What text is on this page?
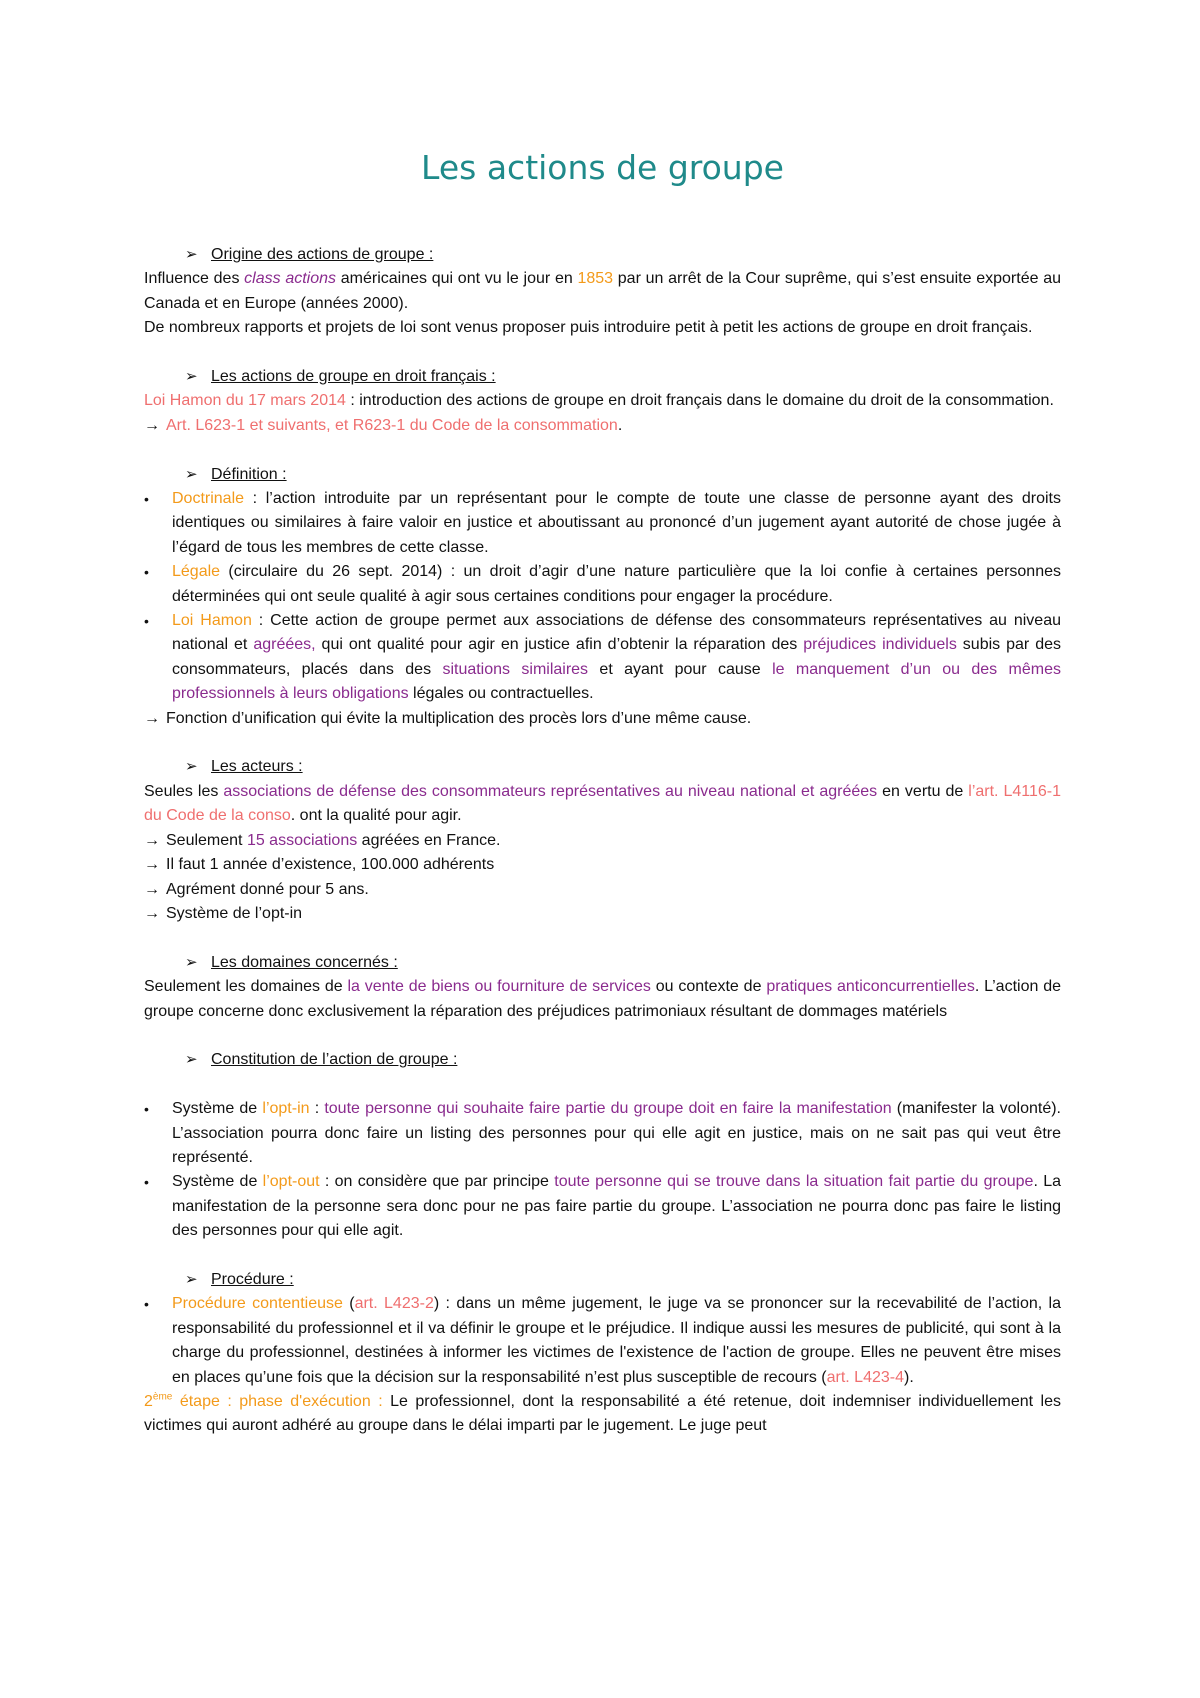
Les actions de groupe
➢ Origine des actions de groupe :
Influence des class actions américaines qui ont vu le jour en 1853 par un arrêt de la Cour suprême, qui s’est ensuite exportée au Canada et en Europe (années 2000).
De nombreux rapports et projets de loi sont venus proposer puis introduire petit à petit les actions de groupe en droit français.
➢ Les actions de groupe en droit français :
Loi Hamon du 17 mars 2014 : introduction des actions de groupe en droit français dans le domaine du droit de la consommation.
→ Art. L623-1 et suivants, et R623-1 du Code de la consommation.
➢ Définition :
• Doctrinale : l’action introduite par un représentant pour le compte de toute une classe de personne ayant des droits identiques ou similaires à faire valoir en justice et aboutissant au prononcé d’un jugement ayant autorité de chose jugée à l’égard de tous les membres de cette classe.
• Légale (circulaire du 26 sept. 2014) : un droit d’agir d’une nature particulière que la loi confie à certaines personnes déterminées qui ont seule qualité à agir sous certaines conditions pour engager la procédure.
• Loi Hamon : Cette action de groupe permet aux associations de défense des consommateurs représentatives au niveau national et agréées, qui ont qualité pour agir en justice afin d’obtenir la réparation des préjudices individuels subis par des consommateurs, placés dans des situations similaires et ayant pour cause le manquement d’un ou des mêmes professionnels à leurs obligations légales ou contractuelles.
→ Fonction d’unification qui évite la multiplication des procès lors d’une même cause.
➢ Les acteurs :
Seules les associations de défense des consommateurs représentatives au niveau national et agréées en vertu de l’art. L4116-1 du Code de la conso. ont la qualité pour agir.
→ Seulement 15 associations agréées en France.
→ Il faut 1 année d’existence, 100.000 adhérents
→ Agrément donné pour 5 ans.
→ Système de l’opt-in
➢ Les domaines concernés :
Seulement les domaines de la vente de biens ou fourniture de services ou contexte de pratiques anticoncurrentielles. L’action de groupe concerne donc exclusivement la réparation des préjudices patrimoniaux résultant de dommages matériels
➢ Constitution de l’action de groupe :
• Système de l’opt-in : toute personne qui souhaite faire partie du groupe doit en faire la manifestation (manifester la volonté). L’association pourra donc faire un listing des personnes pour qui elle agit en justice, mais on ne sait pas qui veut être représenté.
• Système de l’opt-out : on considère que par principe toute personne qui se trouve dans la situation fait partie du groupe. La manifestation de la personne sera donc pour ne pas faire partie du groupe. L’association ne pourra donc pas faire le listing des personnes pour qui elle agit.
➢ Procédure :
• Procédure contentieuse (art. L423-2) : dans un même jugement, le juge va se prononcer sur la recevabilité de l’action, la responsabilité du professionnel et il va définir le groupe et le préjudice. Il indique aussi les mesures de publicité, qui sont à la charge du professionnel, destinées à informer les victimes de l'existence de l'action de groupe. Elles ne peuvent être mises en places qu’une fois que la décision sur la responsabilité n’est plus susceptible de recours (art. L423-4).
2ème étape : phase d'exécution : Le professionnel, dont la responsabilité a été retenue, doit indemniser individuellement les victimes qui auront adhéré au groupe dans le délai imparti par le jugement. Le juge peut
